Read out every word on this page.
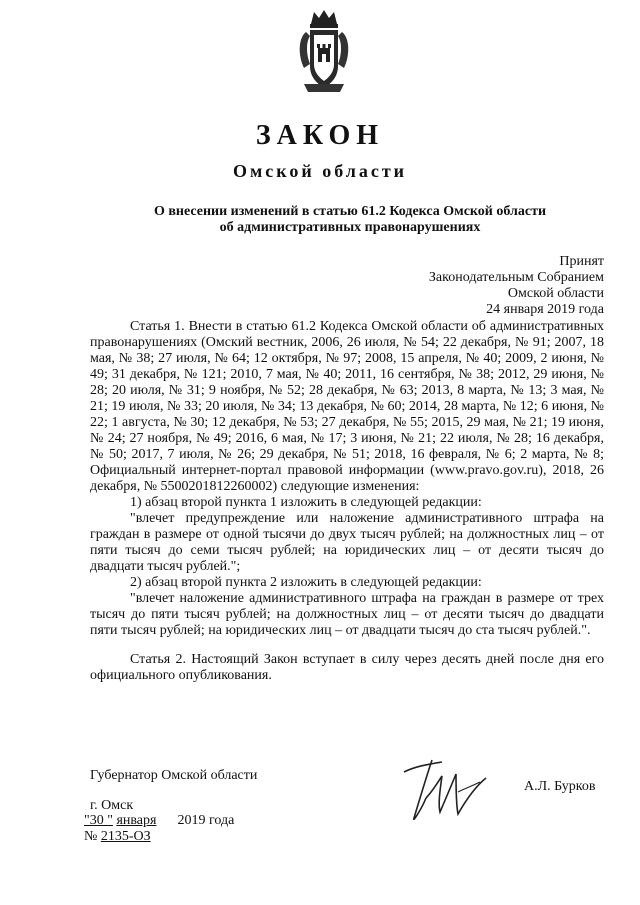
ЗАКОН
Омской области
О внесении изменений в статью 61.2 Кодекса Омской области
об административных правонарушениях
Принят
Законодательным Собранием
Омской области
24 января 2019 года

Статья 1. Внести в статью 61.2 Кодекса Омской области об административных правонарушениях (Омский вестник, 2006, 26 июля, № 54; 22 декабря, № 91; 2007, 18 мая, № 38; 27 июля, № 64; 12 октября, № 97; 2008, 15 апреля, № 40; 2009, 2 июня, № 49; 31 декабря, № 121; 2010, 7 мая, № 40; 2011, 16 сентября, № 38; 2012, 29 июня, № 28; 20 июля, № 31; 9 ноября, № 52; 28 декабря, № 63; 2013, 8 марта, № 13; 3 мая, № 21; 19 июля, № 33; 20 июля, № 34; 13 декабря, № 60; 2014, 28 марта, № 12; 6 июня, № 22; 1 августа, № 30; 12 декабря, № 53; 27 декабря, № 55; 2015, 29 мая, № 21; 19 июня, № 24; 27 ноября, № 49; 2016, 6 мая, № 17; 3 июня, № 21; 22 июля, № 28; 16 декабря, № 50; 2017, 7 июля, № 26; 29 декабря, № 51; 2018, 16 февраля, № 6; 2 марта, № 8; Официальный интернет-портал правовой информации (www.pravo.gov.ru), 2018, 26 декабря, № 5500201812260002) следующие изменения:

1) абзац второй пункта 1 изложить в следующей редакции:

"влечет предупреждение или наложение административного штрафа на граждан в размере от одной тысячи до двух тысяч рублей; на должностных лиц – от пяти тысяч до семи тысяч рублей; на юридических лиц – от десяти тысяч до двадцати тысяч рублей.";

2) абзац второй пункта 2 изложить в следующей редакции:

"влечет наложение административного штрафа на граждан в размере от трех тысяч до пяти тысяч рублей; на должностных лиц – от десяти тысяч до двадцати пяти тысяч рублей; на юридических лиц – от двадцати тысяч до ста тысяч рублей.".

Статья 2. Настоящий Закон вступает в силу через десять дней после дня его официального опубликования.

Губернатор Омской области
А.Л. Бурков
г. Омск
"30 " января 2019 года
№ 2135-ОЗ
